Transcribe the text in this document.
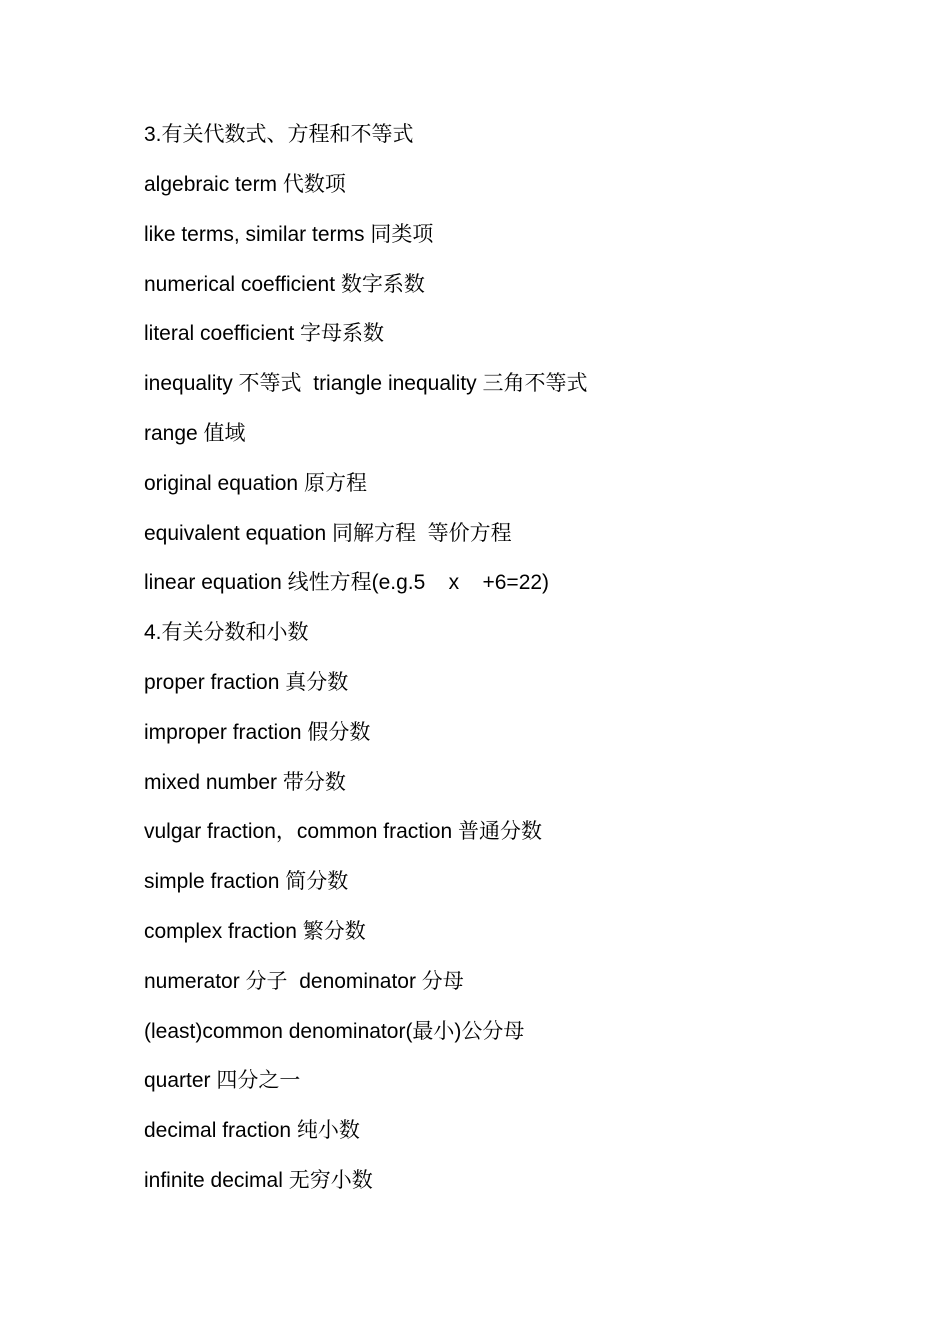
3.有关代数式、方程和不等式
algebraic term 代数项
like terms, similar terms 同类项
numerical coefficient 数字系数
literal coefficient 字母系数
inequality 不等式  triangle inequality 三角不等式
range 值域
original equation 原方程
equivalent equation 同解方程  等价方程
linear equation 线性方程(e.g.5    x    +6=22)
4.有关分数和小数
proper fraction 真分数
improper fraction 假分数
mixed number 带分数
vulgar fraction，common fraction 普通分数
simple fraction 简分数
complex fraction 繁分数
numerator 分子  denominator 分母
(least)common denominator(最小)公分母
quarter 四分之一
decimal fraction 纯小数
infinite decimal 无穷小数
